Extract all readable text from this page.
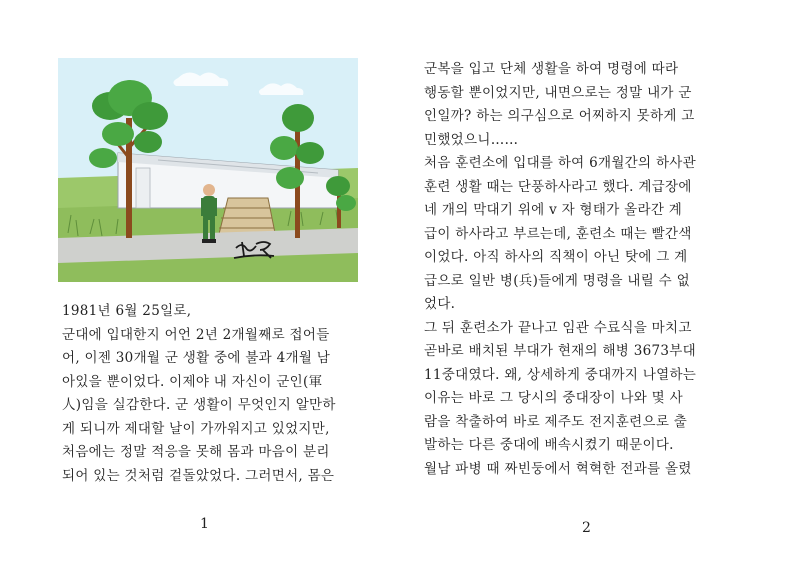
1981년 6월 25일로,

군대에 입대한지 어언 2년 2개월째로 접어들

어, 이젠 30개월 군 생활 중에 불과 4개월 남

아있을 뿐이었다. 이제야 내 자신이 군인(軍

人)임을 실감한다. 군 생활이 무엇인지 알만하

게 되니까 제대할 날이 가까워지고 있었지만,

처음에는 정말 적응을 못해 몸과 마음이 분리

되어 있는 것처럼 겉돌았었다. 그러면서, 몸은

1

군복을 입고 단체 생활을 하여 명령에 따라

행동할 뿐이었지만, 내면으로는 정말 내가 군

인일까? 하는 의구심으로 어찌하지 못하게 고

민했었으니……

처음 훈련소에 입대를 하여 6개월간의 하사관

훈련 생활 때는 단풍하사라고 했다. 계급장에

네 개의 막대기 위에 v 자 형태가 올라간 계

급이 하사라고 부르는데, 훈련소 때는 빨간색

이었다. 아직 하사의 직책이 아닌 탓에 그 계

급으로 일반 병(兵)들에게 명령을 내릴 수 없

었다.

그 뒤 훈련소가 끝나고 임관 수료식을 마치고

곧바로 배치된 부대가 현재의 해병 3673부대

11중대였다. 왜, 상세하게 중대까지 나열하는

이유는 바로 그 당시의 중대장이 나와 몇 사

람을 착출하여 바로 제주도 전지훈련으로 출

발하는 다른 중대에 배속시켰기 때문이다.

월남 파병 때 짜빈둥에서 혁혁한 전과를 올렸

2
